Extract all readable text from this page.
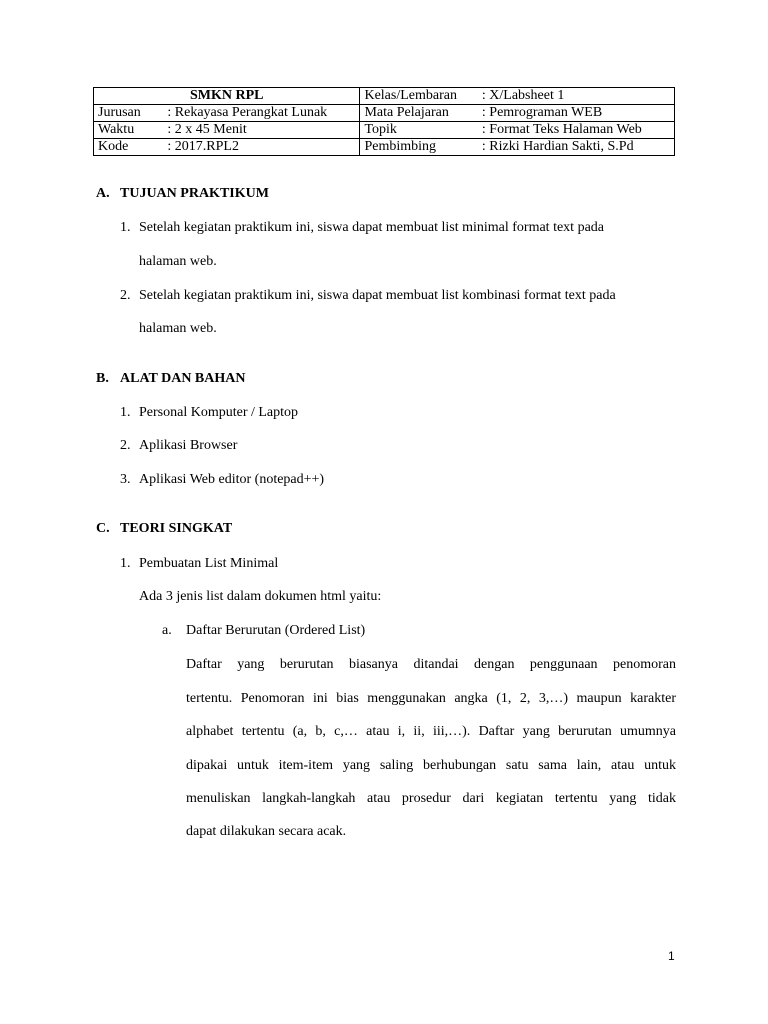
SMKN RPL		Kelas/Lembaran	: X/Labsheet 1
Jurusan	: Rekayasa Perangkat Lunak	Mata Pelajaran	: Pemrograman WEB
Waktu	: 2 x 45 Menit	Topik	: Format Teks Halaman Web
Kode	: 2017.RPL2	Pembimbing	: Rizki Hardian Sakti, S.Pd
A. TUJUAN PRAKTIKUM
1. Setelah kegiatan praktikum ini, siswa dapat membuat list minimal format text pada
halaman web.
2. Setelah kegiatan praktikum ini, siswa dapat membuat list kombinasi format text pada
halaman web.
B. ALAT DAN BAHAN
1. Personal Komputer / Laptop
2. Aplikasi Browser
3. Aplikasi Web editor (notepad++)
C. TEORI SINGKAT
1. Pembuatan List Minimal
Ada 3 jenis list dalam dokumen html yaitu:
a. Daftar Berurutan (Ordered List)
Daftar yang berurutan biasanya ditandai dengan penggunaan penomoran
tertentu. Penomoran ini bias menggunakan angka (1, 2, 3,…) maupun karakter
alphabet tertentu (a, b, c,… atau i, ii, iii,…). Daftar yang berurutan umumnya
dipakai untuk item-item yang saling berhubungan satu sama lain, atau untuk
menuliskan langkah-langkah atau prosedur dari kegiatan tertentu yang tidak
dapat dilakukan secara acak.
1
